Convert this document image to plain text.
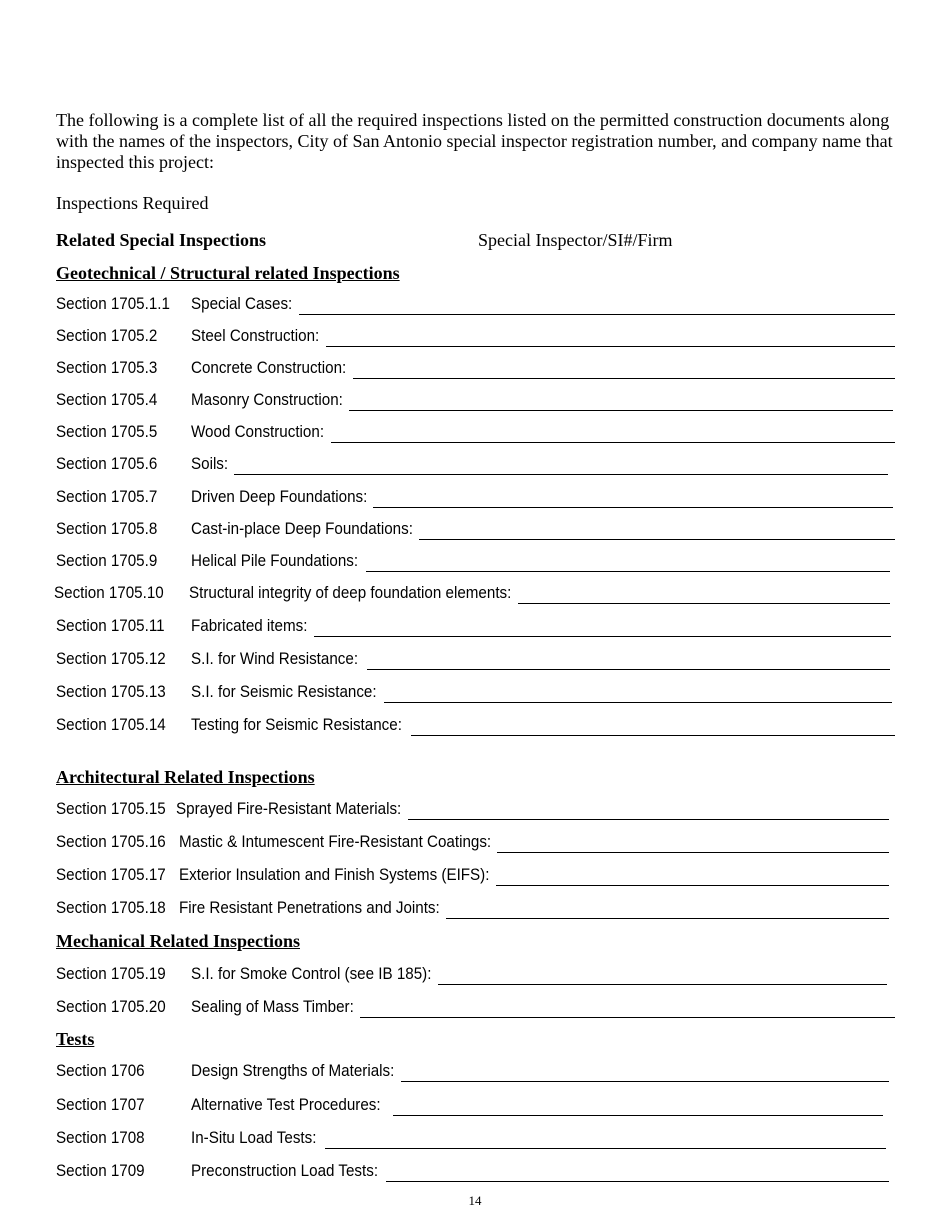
The following is a complete list of all the required inspections listed on the permitted construction documents along with the names of the inspectors, City of San Antonio special inspector registration number, and company name that inspected this project:
Inspections Required
Related Special Inspections	Special Inspector/SI#/Firm
Geotechnical / Structural related Inspections
Architectural Related Inspections
Mechanical Related Inspections
Tests
Section 1705.1.1 Special Cases:
Section 1705.2 Steel Construction:
Section 1705.3 Concrete Construction:
Section 1705.4 Masonry Construction:
Section 1705.5 Wood Construction:
Section 1705.6 Soils:
Section 1705.7 Driven Deep Foundations:
Section 1705.8 Cast-in-place Deep Foundations:
Section 1705.9 Helical Pile Foundations:
Section 1705.10 Structural integrity of deep foundation elements:
Section 1705.11 Fabricated items:
Section 1705.12 S.I. for Wind Resistance:
Section 1705.13 S.I. for Seismic Resistance:
Section 1705.14 Testing for Seismic Resistance:
Section 1705.15 Sprayed Fire-Resistant Materials:
Section 1705.16 Mastic & Intumescent Fire-Resistant Coatings:
Section 1705.17 Exterior Insulation and Finish Systems (EIFS):
Section 1705.18 Fire Resistant Penetrations and Joints:
Section 1705.19 S.I. for Smoke Control (see IB 185):
Section 1705.20 Sealing of Mass Timber:
Section 1706	Design Strengths of Materials:
Section 1707	Alternative Test Procedures:
Section 1708	In-Situ Load Tests:
Section 1709	Preconstruction Load Tests:
14
